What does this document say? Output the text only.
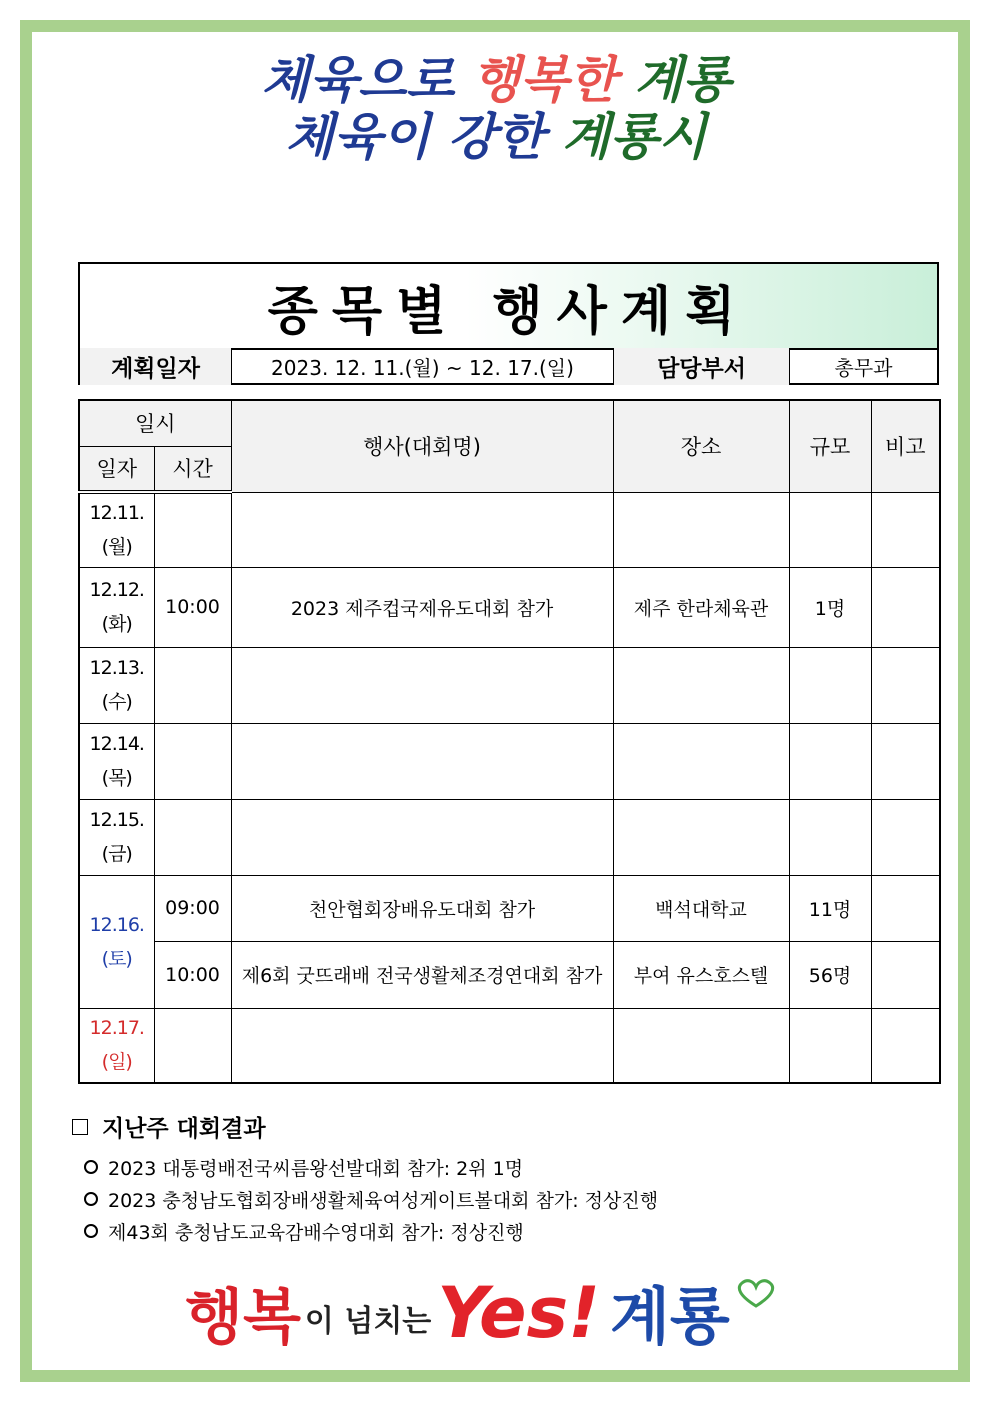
체육으로 행복한 계룡
체육이 강한 계룡시
종목별 행사계획
계획일자	2023. 12. 11.(월) ~ 12. 17.(일)	담당부서	총무과
일시		행사(대회명)	장소	규모	비고
일자	시간				

12.11.
(월)					

12.12.
(화)	10:00	2023 제주컵국제유도대회 참가	제주 한라체육관	1명	

12.13.
(수)					

12.14.
(목)					

12.15.
(금)					

12.16.
(토)	09:00	천안협회장배유도대회 참가	백석대학교	11명	
	10:00	제6회 굿뜨래배 전국생활체조경연대회 참가	부여 유스호스텔	56명	

12.17.
(일)					

지난주 대회결과
2023 대통령배전국씨름왕선발대회 참가: 2위 1명
2023 충청남도협회장배생활체육여성게이트볼대회 참가: 정상진행
제43회 충청남도교육감배수영대회 참가: 정상진행
행복 이 넘치는 Yes! 계룡
